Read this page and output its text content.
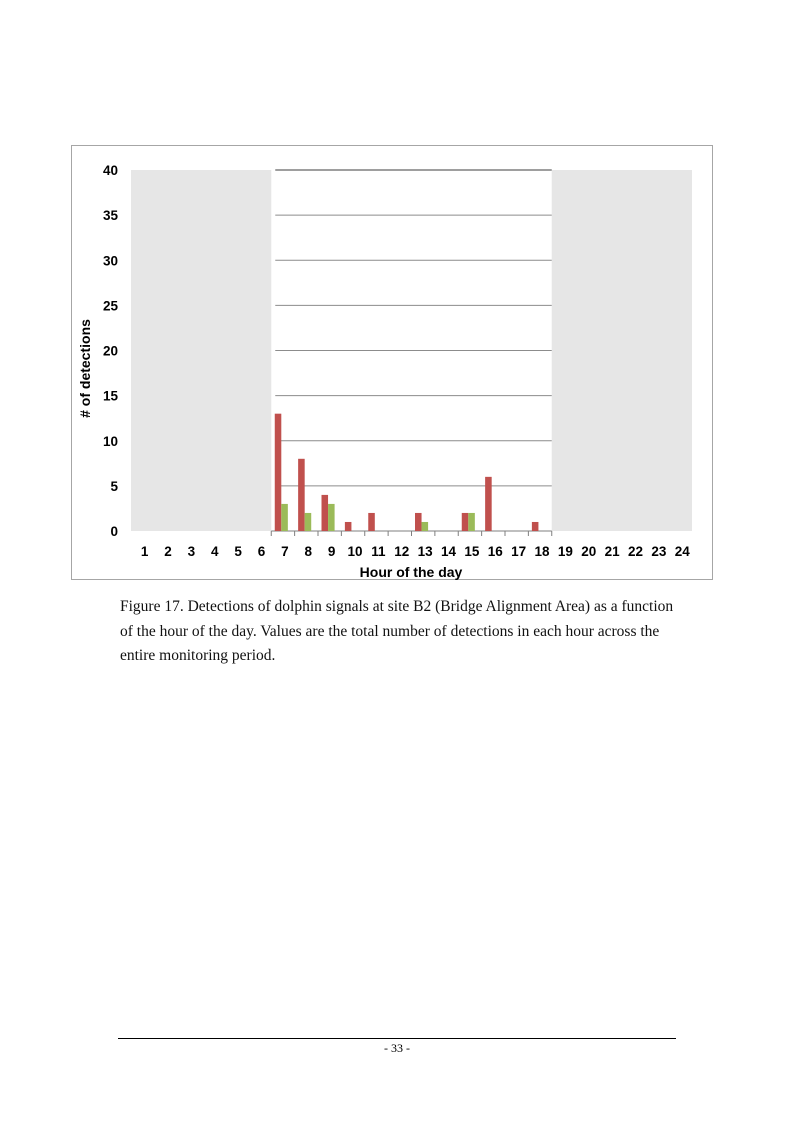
0
5
10
15
20
25
30
35
40
1 2 3 4 5 6 7 8 9 10 11 12 13 14 15 16 17 18 19 20 21 22 23 24
Hour of the day
# of detections
Figure 17. Detections of dolphin signals at site B2 (Bridge Alignment Area) as a function of the hour of the day. Values are the total number of detections in each hour across the entire monitoring period.
- 33 -
